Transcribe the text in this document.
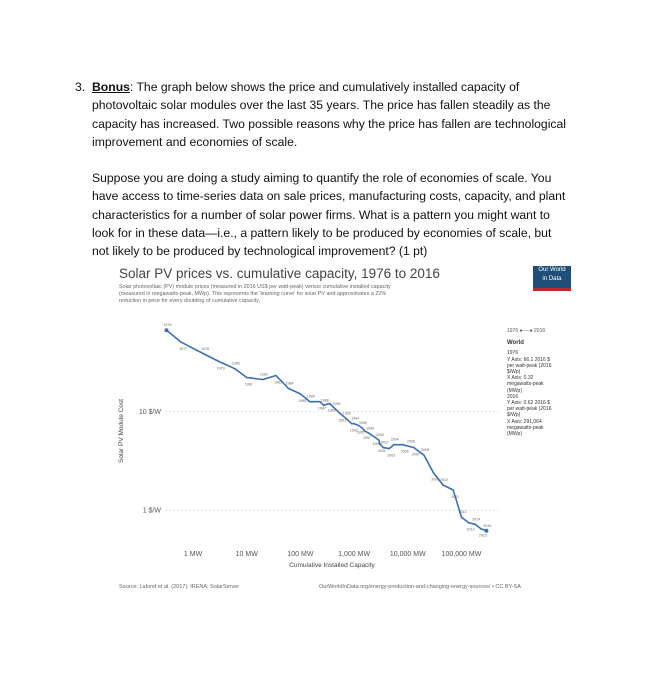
3. Bonus: The graph below shows the price and cumulatively installed capacity of
photovoltaic solar modules over the last 35 years. The price has fallen steadily as the
capacity has increased. Two possible reasons why the price has fallen are technological
improvement and economies of scale.
Suppose you are doing a study aiming to quantify the role of economies of scale. You
have access to time-series data on sale prices, manufacturing costs, capacity, and plant
characteristics for a number of solar power firms. What is a pattern you might want to
look for in these data—i.e., a pattern likely to be produced by economies of scale, but
not likely to be produced by technological improvement? (1 pt)
Solar PV prices vs. cumulative capacity, 1976 to 2016
Solar photovoltaic (PV) module prices (measured in 2016 US$ per watt-peak) versus cumulative installed capacity
(measured in megawatts-peak, MWp). This represents the 'learning curve' for solar PV and approximates a 22%
reduction in price for every doubling of cumulative capacity.
Our World
in Data
10 $/W
1 $/W
1 MW	10 MW	100 MW	1,000 MW	10,000 MW 100,000 MW
Cumulative Installed Capacity
Solar PV Module Cost
1976
1977	1978
1979
1980
1981
1982
1983 1984
1985
1986
1987
1988
1989
1990
1991
1992
1993
1994
1995
1996
1997
1998
1999
2000
2001
2002
2003
2004
2005
2006
2007
2008
2009 2010
2011
2012
2013
2014
2015
2016
1976 ●──● 2016
World
1976
Y Axis: 66.1 2016 $
per watt-peak (2016
$/Wp)
X Axis: 0.32
megawatts-peak
(MWp)
2016
Y Axis: 0.62 2016 $
per watt-peak (2016
$/Wp)
X Axis: 291,064
megawatts-peak
(MWp)
Source: Lafond et al. (2017); IRENA; SolarServer	OurWorldInData.org/energy-production-and-changing-energy-sources/ • CC BY-SA
